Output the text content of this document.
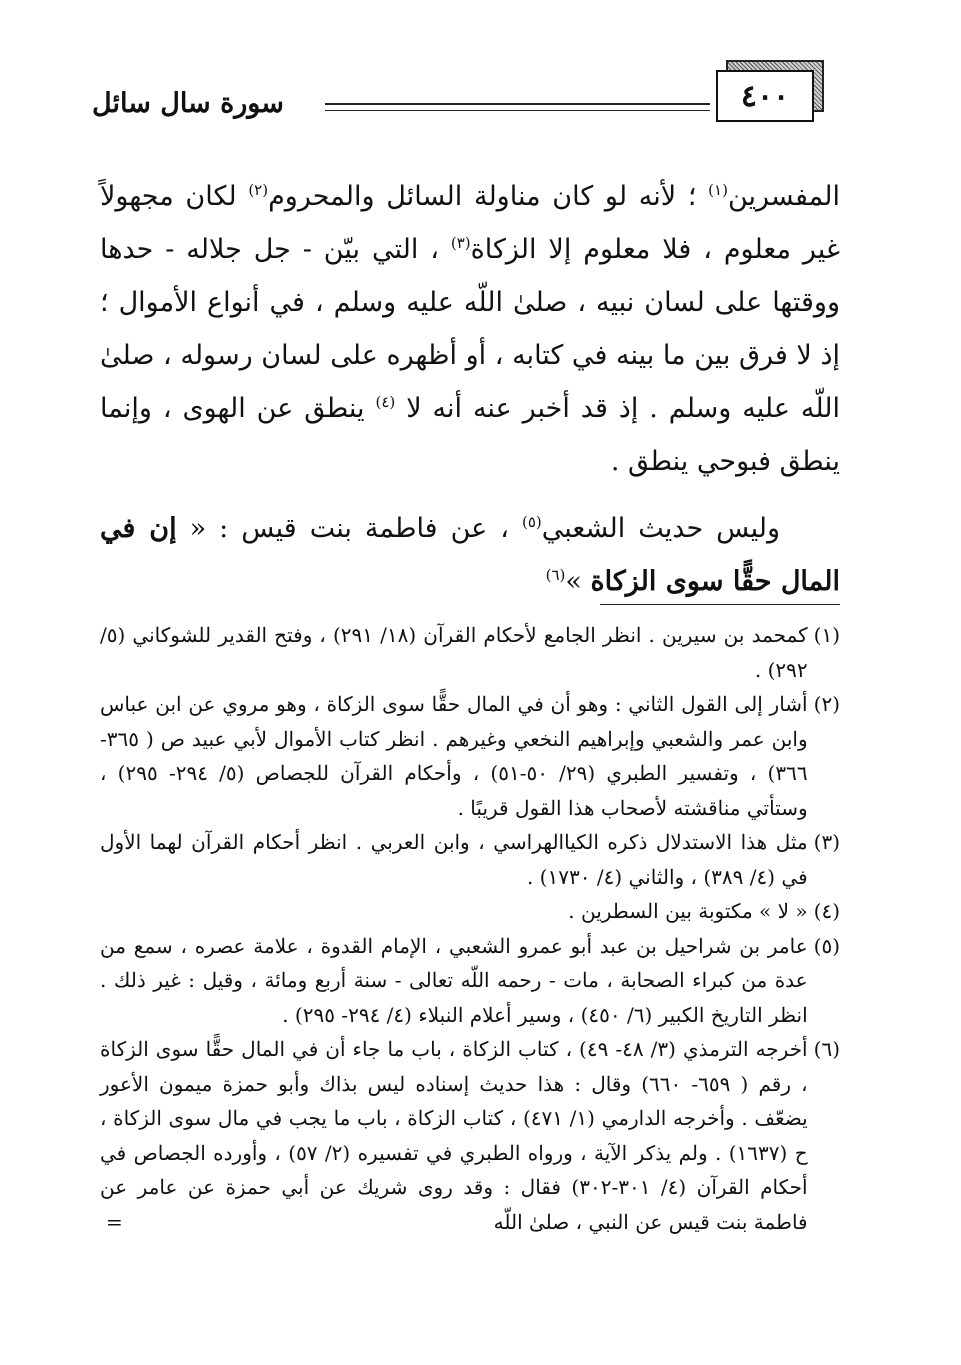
سورة سال سائل	٤٠٠

المفسرين$^{(١)}$ ؛ لأنه لو كان مناولة السائل والمحروم$^{(٢)}$ لكان مجهولاً غير معلوم ، فلا معلوم إلا الزكاة$^{(٣)}$ ، التي بيّن - جل جلاله - حدها ووقتها على لسان نبيه ، صلىٰ اللّه عليه وسلم ، في أنواع الأموال ؛ إذ لا فرق بين ما بينه في كتابه ، أو أظهره على لسان رسوله ، صلىٰ اللّه عليه وسلم . إذ قد أخبر عنه أنه لا $^{(٤)}$ ينطق عن الهوى ، وإنما ينطق فبوحي ينطق .

وليس حديث الشعبي$^{(٥)}$ ، عن فاطمة بنت قيس : « إن في المال حقًّا سوى الزكاة »$^{(٦)}$

(١)
كمحمد بن سيرين . انظر الجامع لأحكام القرآن (١٨/ ٢٩١) ، وفتح القدير للشوكاني (٥/ ٢٩٢) .
(٢)
أشار إلى القول الثاني : وهو أن في المال حقًّا سوى الزكاة ، وهو مروي عن ابن عباس وابن عمر والشعبي وإبراهيم النخعي وغيرهم . انظر كتاب الأموال لأبي عبيد ص ( ٣٦٥- ٣٦٦) ، وتفسير الطبري (٢٩/ ٥٠-٥١) ، وأحكام القرآن للجصاص (٥/ ٢٩٤- ٢٩٥) ، وستأتي مناقشته لأصحاب هذا القول قريبًا .
(٣)
مثل هذا الاستدلال ذكره الكياالهراسي ، وابن العربي . انظر أحكام القرآن لهما الأول في (٤/ ٣٨٩) ، والثاني (٤/ ١٧٣٠) .
(٤)
« لا » مكتوبة بين السطرين .
(٥)
عامر بن شراحيل بن عبد أبو عمرو الشعبي ، الإمام القدوة ، علامة عصره ، سمع من عدة من كبراء الصحابة ، مات - رحمه اللّه تعالى - سنة أربع ومائة ، وقيل : غير ذلك . انظر التاريخ الكبير (٦/ ٤٥٠) ، وسير أعلام النبلاء (٤/ ٢٩٤- ٢٩٥) .
(٦)
أخرجه الترمذي (٣/ ٤٨- ٤٩) ، كتاب الزكاة ، باب ما جاء أن في المال حقًّا سوى الزكاة ، رقم ( ٦٥٩- ٦٦٠) وقال : هذا حديث إسناده ليس بذاك وأبو حمزة ميمون الأعور يضعّف . وأخرجه الدارمي (١/ ٤٧١) ، كتاب الزكاة ، باب ما يجب في مال سوى الزكاة ، ح (١٦٣٧) . ولم يذكر الآية ، ورواه الطبري في تفسيره (٢/ ٥٧) ، وأورده الجصاص في أحكام القرآن (٤/ ٣٠١-٣٠٢) فقال : وقد روى شريك عن أبي حمزة عن عامر عن فاطمة بنت قيس عن النبي ، صلىٰ اللّه
=
